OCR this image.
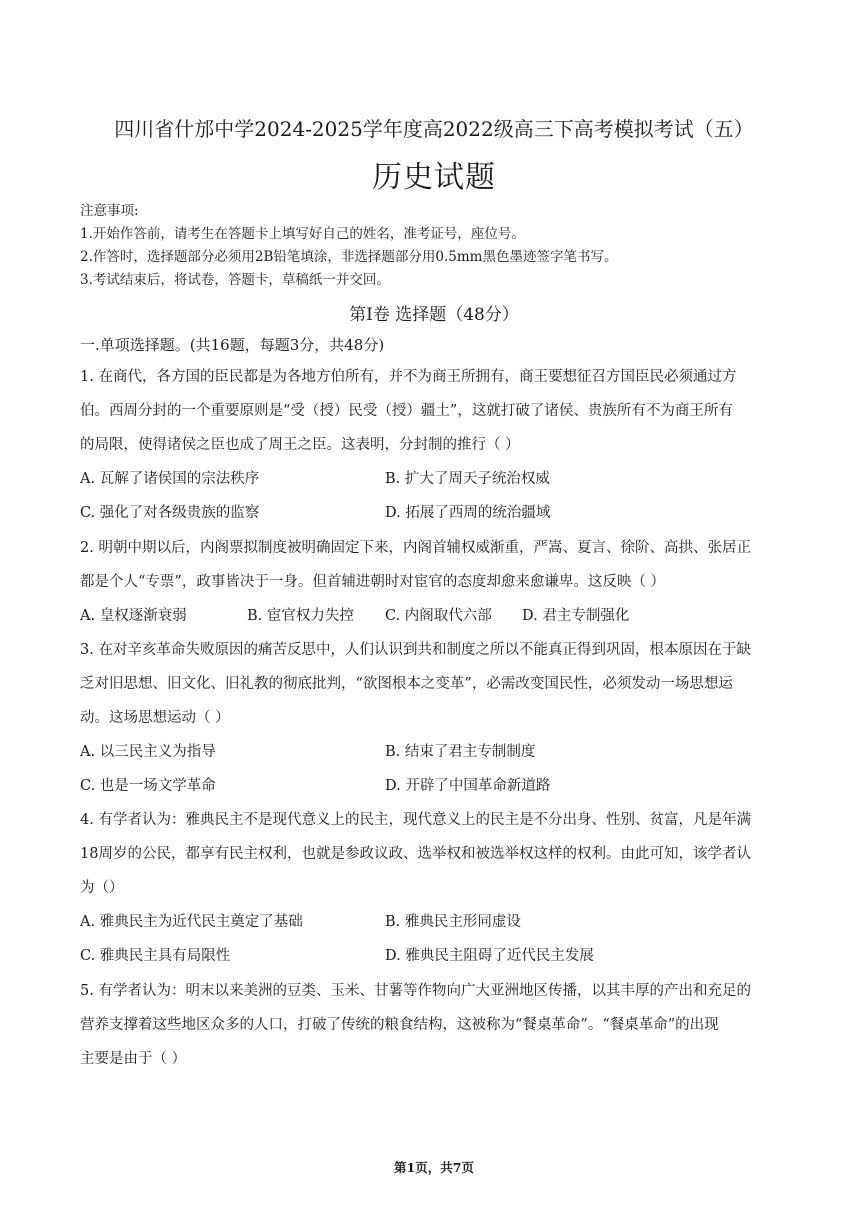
四川省什邡中学2024-2025学年度高2022级高三下高考模拟考试（五）
历史试题
注意事项:
1.开始作答前，请考生在答题卡上填写好自己的姓名，准考证号，座位号。
2.作答时，选择题部分必须用2B铅笔填涂，非选择题部分用0.5mm黑色墨迹签字笔书写。
3.考试结束后，将试卷，答题卡，草稿纸一并交回。
第I卷 选择题（48分）
一.单项选择题。(共16题，每题3分，共48分)
1. 在商代，各方国的臣民都是为各地方伯所有，并不为商王所拥有，商王要想征召方国臣民必须通过方
伯。西周分封的一个重要原则是“受（授）民受（授）疆土”，这就打破了诸侯、贵族所有不为商王所有
的局限，使得诸侯之臣也成了周王之臣。这表明，分封制的推行（ ）
A. 瓦解了诸侯国的宗法秩序	B. 扩大了周天子统治权威
C. 强化了对各级贵族的监察	D. 拓展了西周的统治疆域
2. 明朝中期以后，内阁票拟制度被明确固定下来，内阁首辅权威渐重，严嵩、夏言、徐阶、高拱、张居正
都是个人“专票”，政事皆决于一身。但首辅进朝时对宦官的态度却愈来愈谦卑。这反映（ ）
A. 皇权逐渐衰弱	B. 宦官权力失控 C. 内阁取代六部 D. 君主专制强化
3. 在对辛亥革命失败原因的痛苦反思中，人们认识到共和制度之所以不能真正得到巩固，根本原因在于缺
乏对旧思想、旧文化、旧礼教的彻底批判，“欲图根本之变革”，必需改变国民性，必须发动一场思想运
动。这场思想运动（ ）
A. 以三民主义为指导	B. 结束了君主专制制度
C. 也是一场文学革命	D. 开辟了中国革命新道路
4. 有学者认为：雅典民主不是现代意义上的民主，现代意义上的民主是不分出身、性别、贫富，凡是年满
18周岁的公民，都享有民主权利，也就是参政议政、选举权和被选举权这样的权利。由此可知，该学者认
为（）
A. 雅典民主为近代民主奠定了基础	B. 雅典民主形同虚设
C. 雅典民主具有局限性	D. 雅典民主阻碍了近代民主发展
5. 有学者认为：明末以来美洲的豆类、玉米、甘薯等作物向广大亚洲地区传播，以其丰厚的产出和充足的
营养支撑着这些地区众多的人口，打破了传统的粮食结构，这被称为“餐桌革命”。“餐桌革命”的出现
主要是由于（ ）
第1页，共7页
